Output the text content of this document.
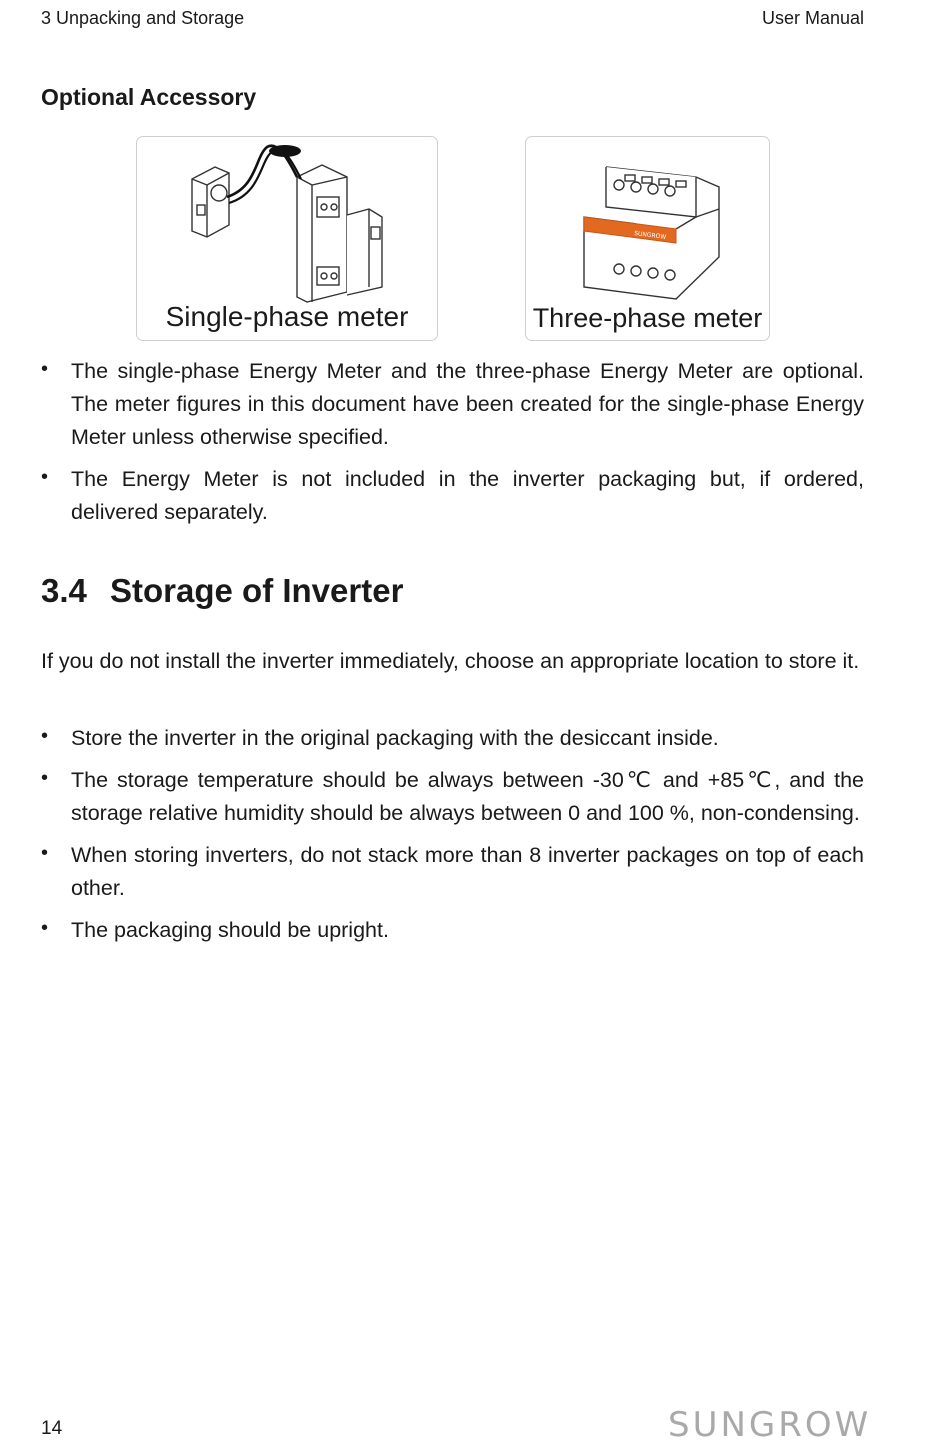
3 Unpacking and Storage	User Manual
Optional Accessory
Single-phase meter
SUNGROW
Three-phase meter
• The single-phase Energy Meter and the three-phase Energy Meter are optional. The meter figures in this document have been created for the single-phase Energy Meter unless otherwise specified.
• The Energy Meter is not included in the inverter packaging but, if ordered, delivered separately.
3.4 Storage of Inverter

If you do not install the inverter immediately, choose an appropriate location to store it.

• Store the inverter in the original packaging with the desiccant inside.
• The storage temperature should be always between -30℃ and +85℃, and the storage relative humidity should be always between 0 and 100 %, non-condensing.
• When storing inverters, do not stack more than 8 inverter packages on top of each other.
• The packaging should be upright.
14	SUNGROW
